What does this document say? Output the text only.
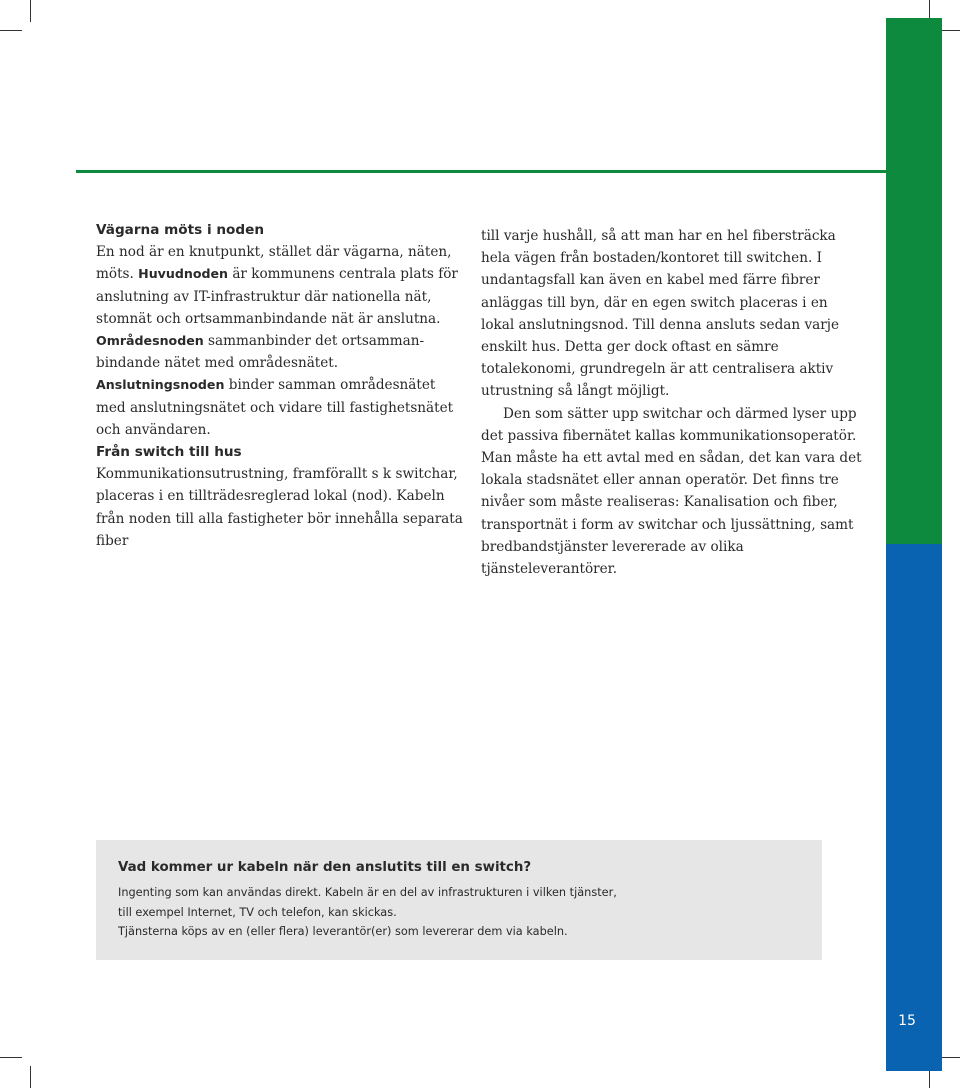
Vägarna möts i noden

En nod är en knutpunkt, stället där vägarna, näten, möts. Huvudnoden är kommunens centrala plats för anslutning av IT-infrastruktur där nationella nät, stomnät och ortsammanbindande nät är anslutna. Områdesnoden sammanbinder det ortsammanbindande nätet med områdesnätet. Anslutningsnoden binder samman områdesnätet med anslutningsnätet och vidare till fastighetsnätet och användaren.

Från switch till hus

Kommunikationsutrustning, framförallt s k switchar, placeras i en tillträdesreglerad lokal (nod). Kabeln från noden till alla fastigheter bör innehålla separata fiber

till varje hushåll, så att man har en hel fibersträcka hela vägen från bostaden/kontoret till switchen. I undantagsfall kan även en kabel med färre fibrer anläggas till byn, där en egen switch placeras i en lokal anslutningsnod. Till denna ansluts sedan varje enskilt hus. Detta ger dock oftast en sämre totalekonomi, grundregeln är att centralisera aktiv utrustning så långt möjligt.

Den som sätter upp switchar och därmed lyser upp det passiva fibernätet kallas kommunikationsoperatör. Man måste ha ett avtal med en sådan, det kan vara det lokala stadsnätet eller annan operatör. Det finns tre nivåer som måste realiseras: Kanalisation och fiber, transportnät i form av switchar och ljussättning, samt bredbandstjänster levererade av olika tjänsteleverantörer.

Vad kommer ur kabeln när den anslutits till en switch?

Ingenting som kan användas direkt. Kabeln är en del av infrastrukturen i vilken tjänster,

till exempel Internet, TV och telefon, kan skickas.

Tjänsterna köps av en (eller flera) leverantör(er) som levererar dem via kabeln.

15
